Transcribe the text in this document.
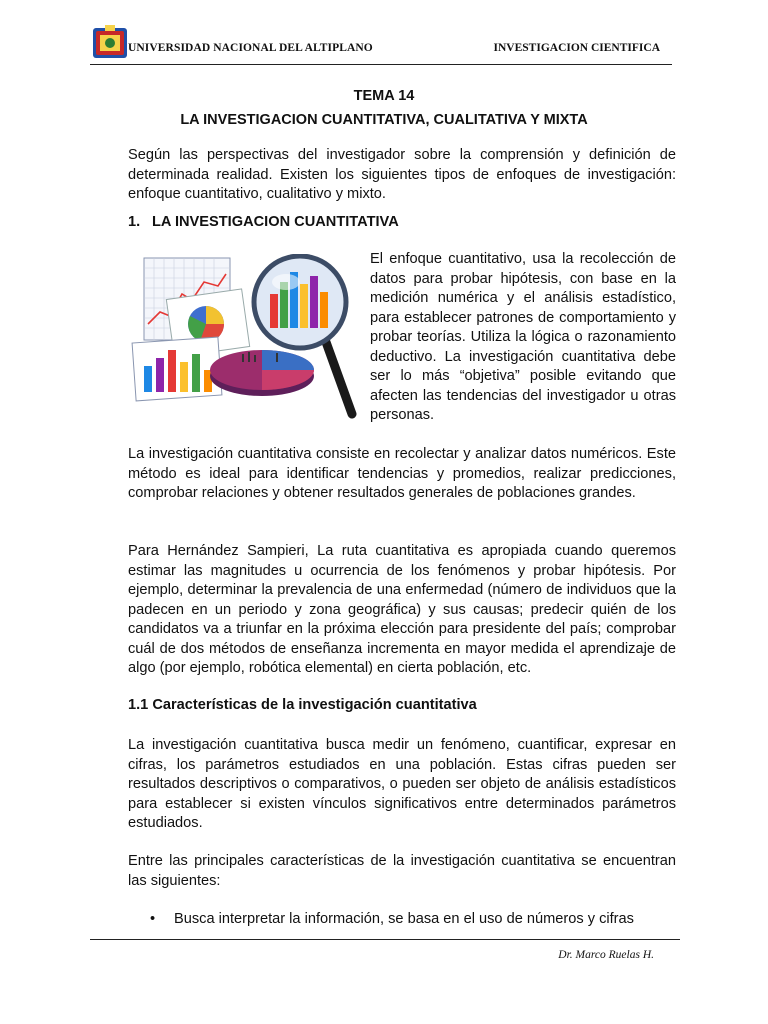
UNIVERSIDAD NACIONAL DEL ALTIPLANO	INVESTIGACION CIENTIFICA
TEMA 14
LA INVESTIGACION CUANTITATIVA, CUALITATIVA Y MIXTA

Según las perspectivas del investigador sobre la comprensión y definición de determinada realidad. Existen los siguientes tipos de enfoques de investigación: enfoque cuantitativo, cualitativo y mixto.

1. LA INVESTIGACION CUANTITATIVA

El enfoque cuantitativo, usa la recolección de datos para probar hipótesis, con base en la medición numérica y el análisis estadístico, para establecer patrones de comportamiento y probar teorías. Utiliza la lógica o razonamiento deductivo. La investigación cuantitativa debe ser lo más “objetiva” posible evitando que afecten las tendencias del investigador u otras personas.

La investigación cuantitativa consiste en recolectar y analizar datos numéricos. Este método es ideal para identificar tendencias y promedios, realizar predicciones, comprobar relaciones y obtener resultados generales de poblaciones grandes.

Para Hernández Sampieri, La ruta cuantitativa es apropiada cuando queremos estimar las magnitudes u ocurrencia de los fenómenos y probar hipótesis. Por ejemplo, determinar la prevalencia de una enfermedad (número de individuos que la padecen en un periodo y zona geográfica) y sus causas; predecir quién de los candidatos va a triunfar en la próxima elección para presidente del país; comprobar cuál de dos métodos de enseñanza incrementa en mayor medida el aprendizaje de algo (por ejemplo, robótica elemental) en cierta población, etc.

1.1 Características de la investigación cuantitativa

La investigación cuantitativa busca medir un fenómeno, cuantificar, expresar en cifras, los parámetros estudiados en una población. Estas cifras pueden ser resultados descriptivos o comparativos, o pueden ser objeto de análisis estadísticos para establecer si existen vínculos significativos entre determinados parámetros estudiados.

Entre las principales características de la investigación cuantitativa se encuentran las siguientes:

• Busca interpretar la información, se basa en el uso de números y cifras
Dr. Marco Ruelas H.
